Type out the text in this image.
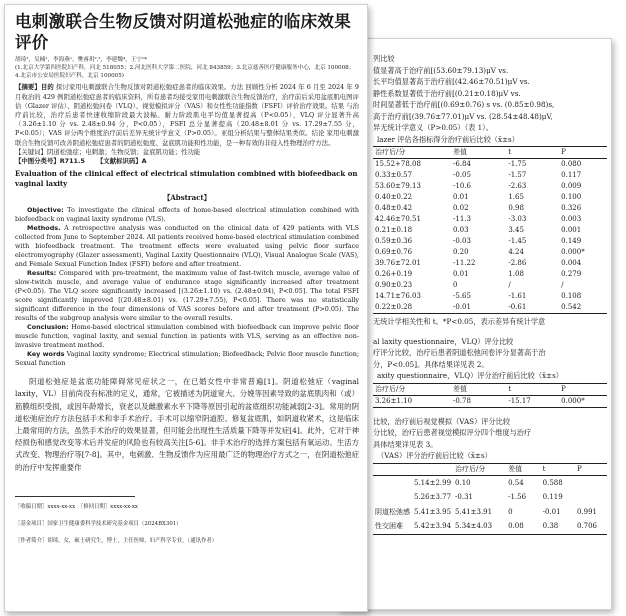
列比较
值显著高于治疗前[(53.60±79.13)μV vs.
长平均值显著高于治疗前[(42.46±70.51)μV vs.
静性系数显著低于治疗前[(0.21±0.18)μV vs.
时间显著低于治疗前[(0.69±0.76) s vs. (0.85±0.98)s,
高于治疗前[(39.76±77.01)μV vs. (28.54±48.48)μV,
异无统计学意义（P>0.05）（表 1）。
lazer 评估各指标得分治疗前后比较（x̄±s）
治疗后/分	差值	t	P
15.52+78.08	-6.84	-1.75	0.080
0.33±0.57	-0.05	-1.57	0.117
53.60±79.13	-10.6	-2.63	0.009
0.40±0.22	0.01	1.65	0.100
0.48±0.42	0.02	0.98	0.326
42.46±70.51	-11.3	-3.03	0.003
0.21±0.18	0.03	3.45	0.001
0.59±0.36	-0.03	-1.45	0.149
0.69±0.76	0.20	4.24	0.000*
39.76±72.01	-11.22	-2.86	0.004
0.26+0.19	0.01	1.08	0.279
0.90±0.23	0	/	/
14.71±76.03	-5.65	-1.61	0.108
0.22±0.28	-0.01	-0.61	0.542
无统计学相关性和 t。*P<0.05，表示差异有统计学意
al laxity questionnaire，VLQ）评分比较
疗评分比较，治疗后患者阴道松弛问卷评分显著高于治
分，P<0.05]。具体结果详见表 2。
axity questionnaire，VLQ）评分治疗前后比较（x̄±s）
治疗后/分	差值	t	P
3.26±1.10	-0.78	-15.17	0.000*
比较，治疗前后视觉模拟（VAS）评分比较
分比较，治疗后患者视觉模拟评分四个维度与治疗
具体结果详见表 3。
（VAS）评分治疗前后比较（x̄±s）
		治疗后/分	差值	t	P
	5.14±2.99	0.10	0.54	0.588	
	5.26±3.77	-0.31	-1.56	0.119	
阴道松弛感	5.41±3.95	5.41±3.91	0	-0.01	0.991
性交困难	5.42±3.94	5.34±4.03	0.08	0.38	0.706
电刺激联合生物反馈对阴道松弛症的临床效果评价
胡琦¹，吴楠¹，李海燕¹，樊睿玥²ˌ³，李建魏⁴，王宁¹*
(1.北京大学第四医院妇产科，河北 518055；2.河北医科大学第二医院，河北 843859；3.北京慈善医疗健康服务中心，北京 100008；4.北京市公安局医院妇产科，北京 100005)
【摘要】目的 探讨家用电刺激联合生物反馈对阴道松弛症患者的临床效果。方法 回顾性分析 2024 年 6 月至 2024 年 9 月收治的 429 例阴道松弛症患者的临床资料，所有患者均接受家用电刺激联合生物反馈治疗，治疗前后采用盆底肌电图评估（Glazer 评估）、阴道松弛问卷（VLQ）、视觉模拟评分（VAS）和女性性功能指数（FSFI）评价治疗效果。结果 与治疗前比较，治疗后患者快速收缩阶段最大波幅、耐力阶段肌电平均值显著提高（P<0.05），VLQ 评分显著升高（3.26±1.10 分 vs. 2.48±0.94 分，P<0.05），FSFI 总分显著提高（20.48±8.01 分 vs. 17.29±7.55 分，P<0.05）；VAS 评分两个维度治疗前后差异无统计学意义（P>0.05）。亚组分析结果与整体结果类似。结论 家用电刺激联合生物反馈可改善阴道松弛症患者的阴道松弛度、盆底肌功能和性功能，是一种有效的非侵入性物理治疗方法。
【关键词】阴道松弛症；电刺激；生物反馈；盆底肌功能；性功能
【中图分类号】R711.5 【文献标识码】A
Evaluation of the clinical effect of electrical stimulation combined with biofeedback on vaginal laxity
【Abstract】
Objective: To investigate the clinical effects of home-based electrical stimulation combined with biofeedback on vaginal laxity syndrome (VLS).
Methods. A retrospective analysis was conducted on the clinical data of 429 patients with VLS collected from June to September 2024. All patients received home-based electrical stimulation combined with biofeedback treatment. The treatment effects were evaluated using pelvic floor surface electromyography (Glazer assessment), Vaginal Laxity Questionnaire (VLQ), Visual Analogue Scale (VAS), and Female Sexual Function Index (FSFI) before and after treatment.
Results: Compared with pre-treatment, the maximum value of fast-twitch muscle, average value of slow-twitch muscle, and average value of endurance stage significantly increased after treatment (P<0.05). The VLQ score significantly increased [(3.26±1.10) vs. (2.48±0.94), P<0.05]. The total FSFI score significantly improved [(20.48±8.01) vs. (17.29±7.55), P<0.05]. There was no statistically significant difference in the four dimensions of VAS scores before and after treatment (P>0.05). The results of the subgroup analysis were similar to the overall results.
Conclusion: Home-based electrical stimulation combined with biofeedback can improve pelvic floor muscle function, vaginal laxity, and sexual function in patients with VLS, serving as an effective non-invasive treatment method.
Key words Vaginal laxity syndrome; Electrical stimulation; Biofeedback; Pelvic floor muscle function; Sexual function
阴道松弛症是盆底功能障碍常见症状之一，在已婚女性中非常普遍[1]。阴道松弛症（vaginal laxity，VL）目前尚没有标准的定义，通常，它被描述为阴道宽大、分娩等因素导致的盆底肌肉和（或）筋膜组织受损，或因年龄增长，衰老以及雌激素水平下降等原因引起的盆底组织功能减弱[2-3]。常用的阴道松弛症治疗方法包括手术和非手术治疗。手术可以缩窄阴道腔、修复盆底肌，如阴道收紧术，这是临床上最常用的方法，虽然手术治疗的效果显著，但可能会出现性生活质量下降等并发症[4]。此外，它对于神经损伤和感觉改变等术后并发症的风险也有较高关注[5-6]。非手术治疗的选择方案包括有氧运动、生活方式改变、物理治疗等[7-8]。其中，电刺激、生物反馈作为应用最广泛的物理治疗方式之一，在阴道松弛症的治疗中发挥重要作
［收稿日期］xxxx-xx-xx　［修回日期］xxxx-xx-xx
［基金项目］国家卫生健康委科学技术研究基金项目（2024BX301）
［作者简介］胡琦，女，硕士研究生，博士，主任医师，妇产科学专业。（通讯作者）
